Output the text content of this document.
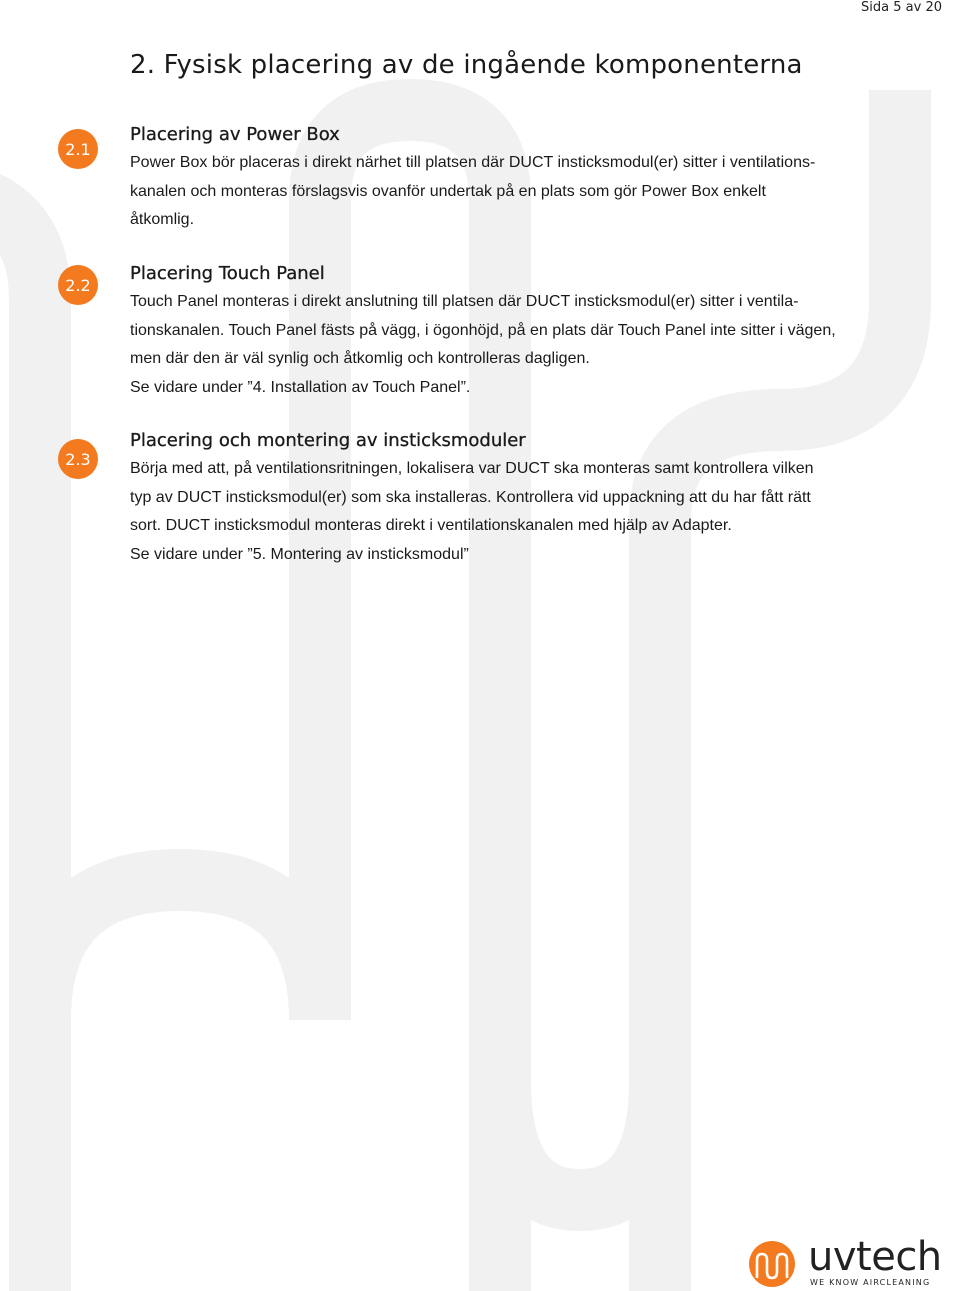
Sida 5 av 20
2. Fysisk placering av de ingående komponenterna
2.1
Placering av Power Box

Power Box bör placeras i direkt närhet till platsen där DUCT insticksmodul(er) sitter i ventilations-

kanalen och monteras förslagsvis ovanför undertak på en plats som gör Power Box enkelt

åtkomlig.

2.2
Placering Touch Panel

Touch Panel monteras i direkt anslutning till platsen där DUCT insticksmodul(er) sitter i ventila-

tionskanalen. Touch Panel fästs på vägg, i ögonhöjd, på en plats där Touch Panel inte sitter i vägen,

men där den är väl synlig och åtkomlig och kontrolleras dagligen.

Se vidare under ”4. Installation av Touch Panel”.

2.3
Placering och montering av insticksmoduler

Börja med att, på ventilationsritningen, lokalisera var DUCT ska monteras samt kontrollera vilken

typ av DUCT insticksmodul(er) som ska installeras. Kontrollera vid uppackning att du har fått rätt

sort. DUCT insticksmodul monteras direkt i ventilationskanalen med hjälp av Adapter.

Se vidare under ”5. Montering av insticksmodul”

uvtech
WE KNOW AIRCLEANING
